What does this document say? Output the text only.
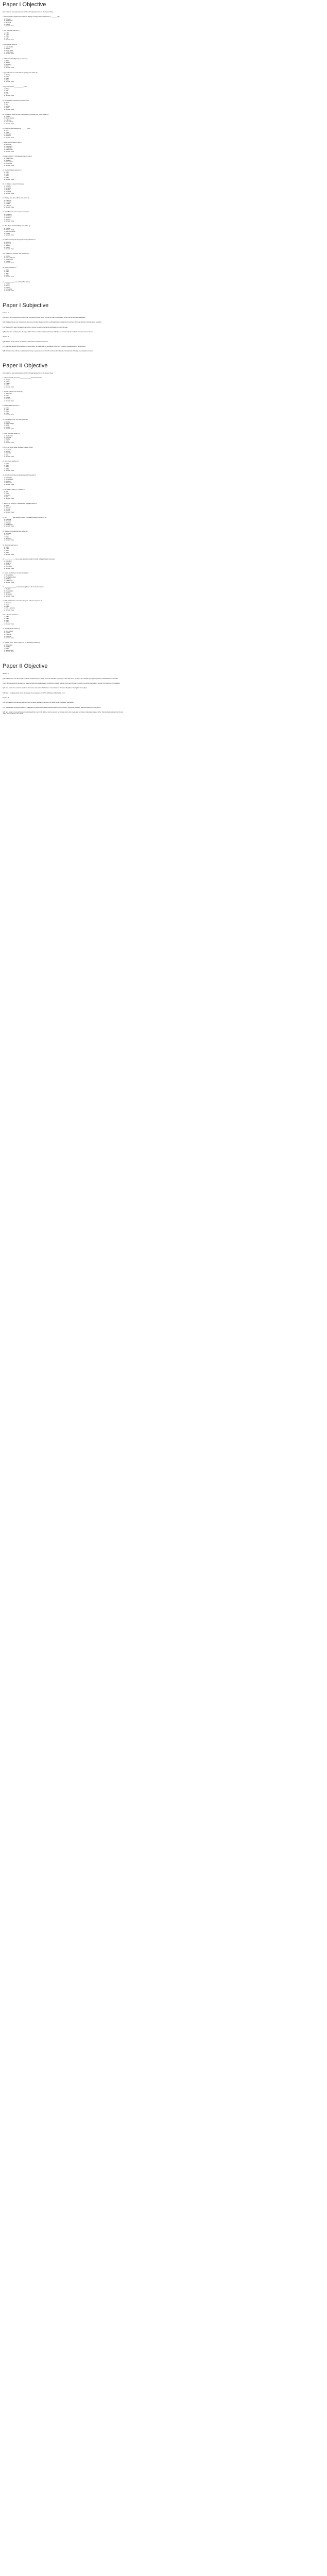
Paper I Objective
Q.1. Select the best option/answer and fill in the appropriate box on the Answer Sheet.
i. Intense emotion coupled with an intense display of imagery are characteristic of ________ age.
a. Victorian
b. Elizabethan
c. Romantic
d. Classic
e. None of these
ii. S.T. Coleridge was born in:
a. 1796
b. 1772
c. 1746
d. 1787
e. None of these
iii. Wordsworth settled in
a. Lake District
b. Sussex
c. Dorset Shire
d. London Land
e. None of these
iv. Childe Harold's Pilgrimage is written by:
a. Blake
b. Shelley
c. Browning
d. Byron
e. None of these
v. Queen Mab is one of the first two great poems written by:
a. Shelley
b. Byron
c. Keats
d. Pope
e. None of these
vi. Hyperion is a/an ____________ poem
a. Elegy
b. Epic
c. Ode
d. Lyric
e. None of these
vii. Romanticism expressed a restlessness of
a. Mind
b. Soul
c. Senses
d. Spirit
e. None of these
viii. Northanger Abbey, Emma and Sense and Sensibility are novels written by:
a. G. Eliot
b. Bronte Sisters
c. E. Bronte
d. Jane Austen
e. None of these
ix. Shelley is remembered as a ________ poet
a. Lyric
b. Tragic
c. Dramatic
d. Mythical
e. None of these
x. Keats is prominently a man of
a. Emotions
b. Symbolism
c. Imagination
d. Aestheticism
e. None of these
xi. As a novelist J. S. Mill develops the doctrine of:
a. Utilitarianism
b. Idealism
c. Romanticism
d. Puritanism
e. None of these
xii. Charles Dickens was born in:
a. 1820
b. 1788
c. 1812
d. 1823
e. None of these
xiii. C. Dickens is known for being a:
a. Socialist
b. Humorist
c. Idealist
d. Romantic
e. None of these
xiv. Shirley, Jane Eyre, Villete were written by:
a. E. Bronte
b. C. Austen
c. G. Eliot
d. C. Bronte
e. None of these
xv. Emile Bronte's verse reveals a conscious
a. Paganism
b. Pantheism
c. Idealism
d. Realism
e. None of these
xvi. The Mayor of Caster Bridge was written by:
a. Trollope
b. Thomas Hardy
c. Charles Dickens
d. G. Eliot
e. None of these
xvii. Thomas Hardy was brought up to the profession of:
a. Architect
b. Engineer
c. Sculptor
d. Painter
e. None of these
xviii. The Picture of Dorian Gray is written by:
a. Gissing
b. G. H. Lawrence
c. Oscar Wilde
d. Trollope
e. None of these
xix. Ruskin was born in:
a. 1819
b. 1883
c. 1867
d. 1835
e. None of these
xx. _____________ is a novel by Miss Burney
a. Evelina
b. Emma
c. Pamela
d. Persuasion
e. None of these
Paper I Subjective
Section - I

Q.2. During the Victorian Era, art forms part of a coherent social whole. The call for order and discipline comes from all directions. Elaborate.

Q.3. Shelley's life was one of passionate devotion to intellect, his poems show a philosophical and social fervor working in the same direction. Illustrate giving examples.

Q.4. Wordsworth's poetry is based on an effort to convey by poetry what he the theorization of art and life was.

Q.5. Keats' art is full of passion; the object of the desire is not the "intellectual beauty" of Shelley but is caused by the enchantment of the senses. Discuss.

Section - II

Q.6. Dickens' novels are full of contrasting characters and situations. Discuss.

Q.7. Coleridge stresses the supernatural themes which he invests with the semblance of the truth. Comment considering some of his poems.

Q.8. Victorian prose reflects an intellectual curiosity, a systematic quest of truth and desire for rationality characteristic of the age. Give detailed comments.

Paper II Objective
Q.1. Select the best option/answer and fill in the appropriate box on the Answer Sheet.
i. In Greek tragedy irony and _______________ are fused into one
a. Allegory
b. Hubris
c. Imagery
d. Satire
e. None of these
ii. Joseph Andrews was written by:
a. Richardson
b. Defoe
c. Fielding
d. Smollett
e. None of these
iii. Shakespeare was born in:
a. 1570
b. 1567
c. 1564
d. 1586
e. None of these
iv. "The Wheel of Fire" is a book written by:
a. Bradley
b. Wilson Knight
c. Hazlitt
d. Dryden
e. None of these
v. Kubla Khan was written by:
a. Wordsworth
b. Coleridge
c. Shelley
d. Keats
e. None of these
vi. Dr. G. W. Shaw began the literary career first as:
a. Journalist
b. Novelist
c. Dramatist
d. Poet
e. None of these
vii. W. B. Yeats was born in:
a. 1914
b. 1865
c. 1878
d. 1899
e. None of these
viii. Jane Austen's Work is handicapped with the spirit of
a. Classicism
b. Romanticism
c. Idealism
d. Materialism
e. None of these
ix. The Waste Land by T. S. Eliot is an
a. Ode
b. Elegy
c. Allegory
d. Epic
e. None of these
x. Waiting for Godot by S. Beckett was originally written in:
a. Italian
b. Spanish
c. German
d. French
e. None of these
xi. The ________ age tended to favour the taste and search for truth in art.
a. Classical
b. Romantic
c. Victorian
d. Elizabethan
e. None of these
xii. Maud and Locksleyhall were written by:
a. Tennyson
b. Keats
c. Pope
d. Browning
e. None of these
xiii. Tennyson was born in:
a. 1805
b. 1798
c. 1809
d. 1819
e. None of these
xiv. ______________ has a super abundant wealth of words and superfluous ornaments
a. Hyperbole
b. Metaphor
c. Allegory
d. Oxymoron
e. None of these
xv. Keats' aestheticism was later turned into:
a. Romanticism
b. Pre-Raphaelitism
c. Idealism
d. Imagination
e. None of these
xvi. _______________ is the animating force in the work of C. Bronte:
a. Idealism
b. Romanticism
c. Lyricism
d. Humanism
e. None of these
xvii. The Virtile Beams at Coole is first great collection of poems of
a. W. Lewis
b. Yeats
c. Auden
d. D. H. Lawrence
e. None of these
xviii. T. S. Eliot was born in
a. 1887
b. 1888
c. 1880
d. 1870
e. None of these
xix. Jane Eyre was written by:
a. Jane Austen
b. G. Eliot
c. C. Bronte
d. E. Bronte
e. None of these
xx. Ophelia, Julia , Viola, Imogen are the characters created by
a. Richardson
b. Fielding
c. Keats
d. Shakespeare
e. None of these
Paper II Objective
Section - I

Q.2. Shakespeare drew the images of nature not laboriously but luckily, when he describes anything you more than see it, you feel it too. Illustrate, giving examples from characterisation in Hamlet.

Q.3. E. Bronte stands off and way how bears the half-nocturnal illusions of complexity and souls. Discuss. Annie and the Main, in which Anne shows that Millbury Hannah is an insertion of the sublime.

Q.4. Jane Austen has evolved a synthesis of romance and realism. Elaborate in concentration in Pride and Prejudice in the light of this analysis.

Q.5. Give a complete picture of the Hemingway hero, keeping in mind 'The Old Man and the Sea' in mind.

Section - II

Q.6. Compare and contrast the features of love of nature reflected in the poems by Robert Frost and William Wordsworth.

Q.7. Yeats work is thoroughly steeped in imaginative mysticism which is the essential nature of the symbolism. Discuss in detail with examples quoted from his poems.

Q.8. Jane Austen's clear-sighted eyes read through the inner minds of those who live around her to those whom she travels, just as if those minds were revealed to her. Discuss Austen's insight into human nature with reference to her novels.
